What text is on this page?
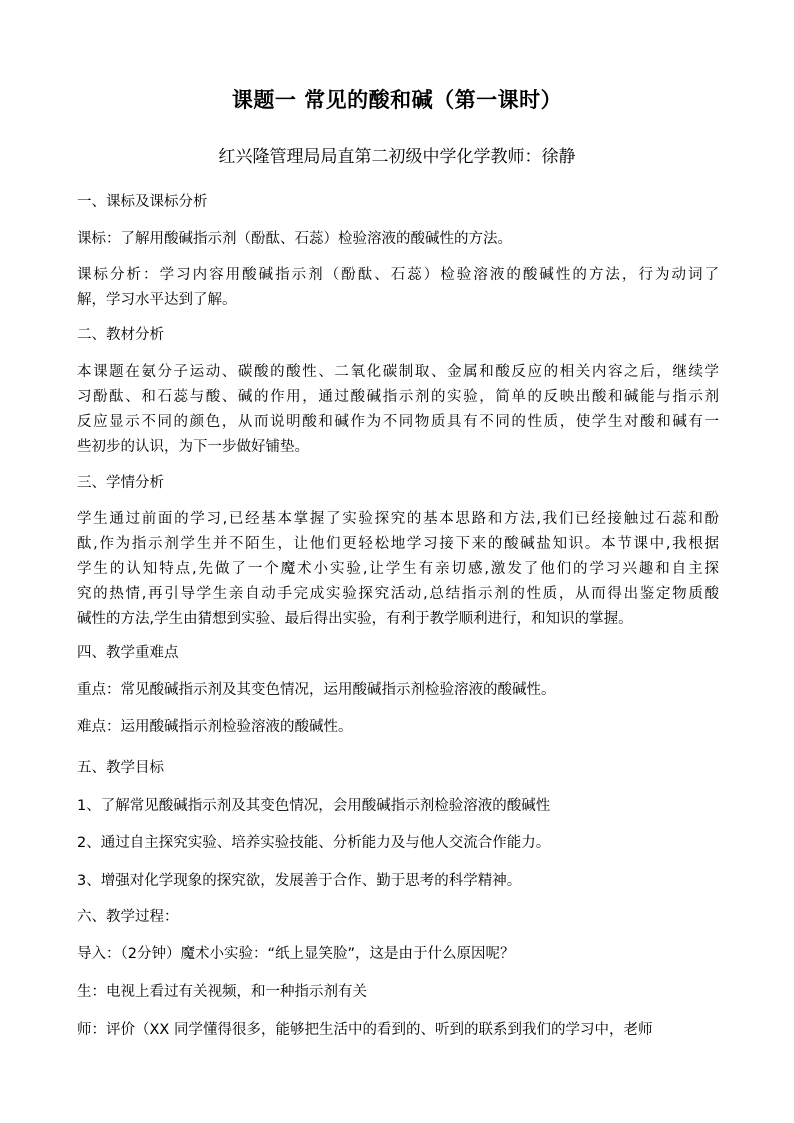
课题一 常见的酸和碱（第一课时）
红兴隆管理局局直第二初级中学化学教师：徐静
一、课标及课标分析
课标：了解用酸碱指示剂（酚酞、石蕊）检验溶液的酸碱性的方法。
课标分析：学习内容用酸碱指示剂（酚酞、石蕊）检验溶液的酸碱性的方法，行为动词了
解，学习水平达到了解。
二、教材分析
本课题在氨分子运动、碳酸的酸性、二氧化碳制取、金属和酸反应的相关内容之后，继续学
习酚酞、和石蕊与酸、碱的作用，通过酸碱指示剂的实验，简单的反映出酸和碱能与指示剂
反应显示不同的颜色，从而说明酸和碱作为不同物质具有不同的性质，使学生对酸和碱有一
些初步的认识，为下一步做好铺垫。
三、学情分析
学生通过前面的学习,已经基本掌握了实验探究的基本思路和方法,我们已经接触过石蕊和酚
酞,作为指示剂学生并不陌生，让他们更轻松地学习接下来的酸碱盐知识。本节课中,我根据
学生的认知特点,先做了一个魔术小实验,让学生有亲切感,激发了他们的学习兴趣和自主探
究的热情,再引导学生亲自动手完成实验探究活动,总结指示剂的性质，从而得出鉴定物质酸
碱性的方法,学生由猜想到实验、最后得出实验，有利于教学顺利进行，和知识的掌握。
四、教学重难点
重点：常见酸碱指示剂及其变色情况，运用酸碱指示剂检验溶液的酸碱性。
难点：运用酸碱指示剂检验溶液的酸碱性。
五、教学目标
1、了解常见酸碱指示剂及其变色情况，会用酸碱指示剂检验溶液的酸碱性
2、通过自主探究实验、培养实验技能、分析能力及与他人交流合作能力。
3、增强对化学现象的探究欲，发展善于合作、勤于思考的科学精神。
六、教学过程：
导入：（2分钟）魔术小实验：“纸上显笑脸”，这是由于什么原因呢？
生：电视上看过有关视频，和一种指示剂有关
师：评价（XX 同学懂得很多，能够把生活中的看到的、听到的联系到我们的学习中，老师
